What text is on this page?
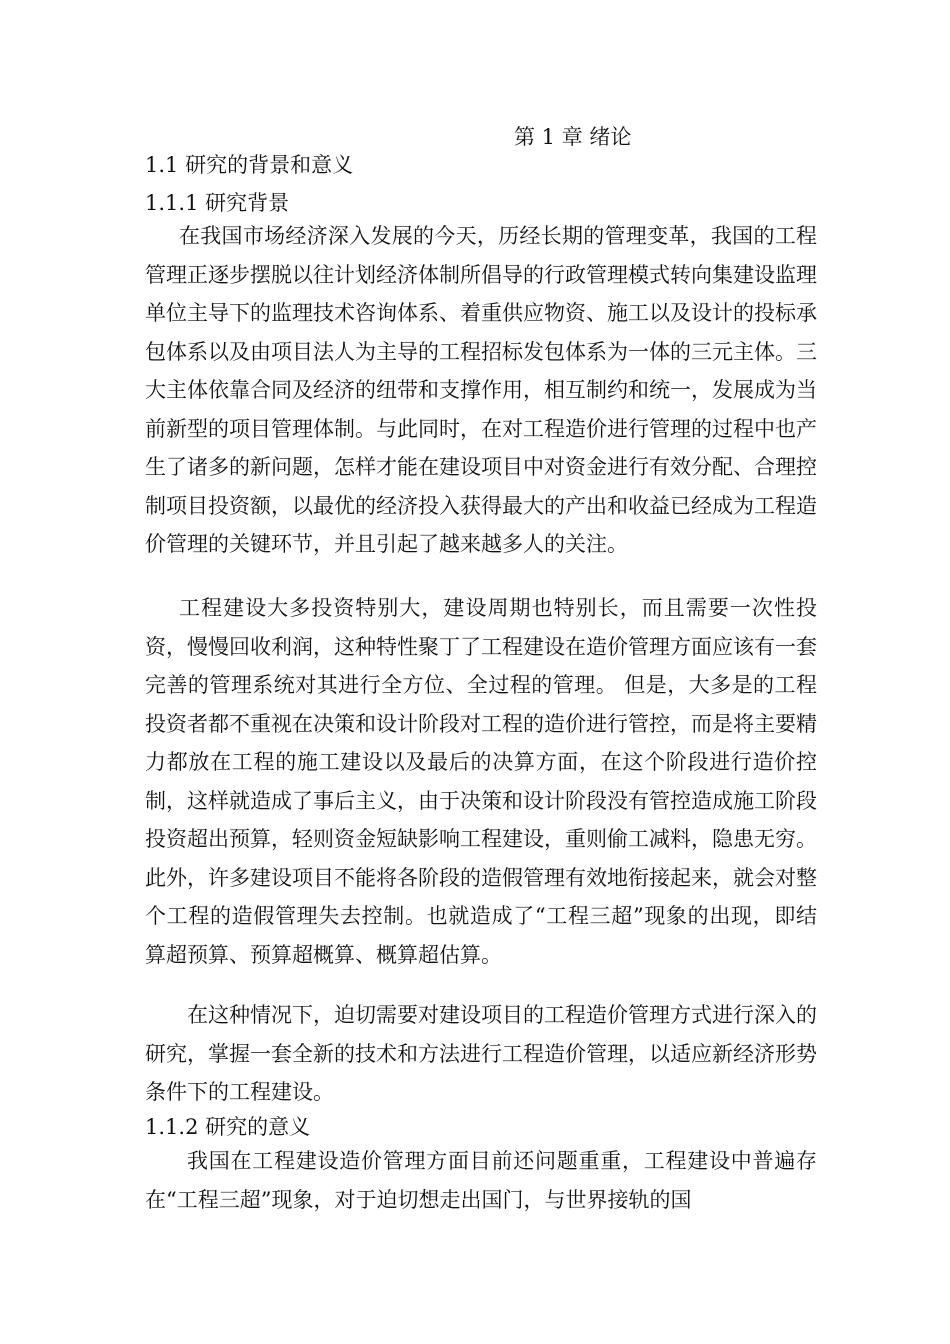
第 1 章 绪论
1.1 研究的背景和意义
1.1.1 研究背景

在我国市场经济深入发展的今天，历经长期的管理变革，我国的工程管理正逐步摆脱以往计划经济体制所倡导的行政管理模式转向集建设监理单位主导下的监理技术咨询体系、着重供应物资、施工以及设计的投标承包体系以及由项目法人为主导的工程招标发包体系为一体的三元主体。三大主体依靠合同及经济的纽带和支撑作用，相互制约和统一，发展成为当前新型的项目管理体制。与此同时，在对工程造价进行管理的过程中也产生了诸多的新问题，怎样才能在建设项目中对资金进行有效分配、合理控制项目投资额，以最优的经济投入获得最大的产出和收益已经成为工程造价管理的关键环节，并且引起了越来越多人的关注。

工程建设大多投资特别大，建设周期也特别长，而且需要一次性投资，慢慢回收利润，这种特性聚丁了工程建设在造价管理方面应该有一套完善的管理系统对其进行全方位、全过程的管理。 但是，大多是的工程投资者都不重视在决策和设计阶段对工程的造价进行管控，而是将主要精力都放在工程的施工建设以及最后的决算方面，在这个阶段进行造价控制，这样就造成了事后主义，由于决策和设计阶段没有管控造成施工阶段投资超出预算，轻则资金短缺影响工程建设，重则偷工减料，隐患无穷。此外，许多建设项目不能将各阶段的造假管理有效地衔接起来，就会对整个工程的造假管理失去控制。也就造成了“工程三超”现象的出现，即结算超预算、预算超概算、概算超估算。

在这种情况下，迫切需要对建设项目的工程造价管理方式进行深入的研究，掌握一套全新的技术和方法进行工程造价管理，以适应新经济形势条件下的工程建设。

1.1.2 研究的意义

我国在工程建设造价管理方面目前还问题重重，工程建设中普遍存在“工程三超”现象，对于迫切想走出国门，与世界接轨的国
